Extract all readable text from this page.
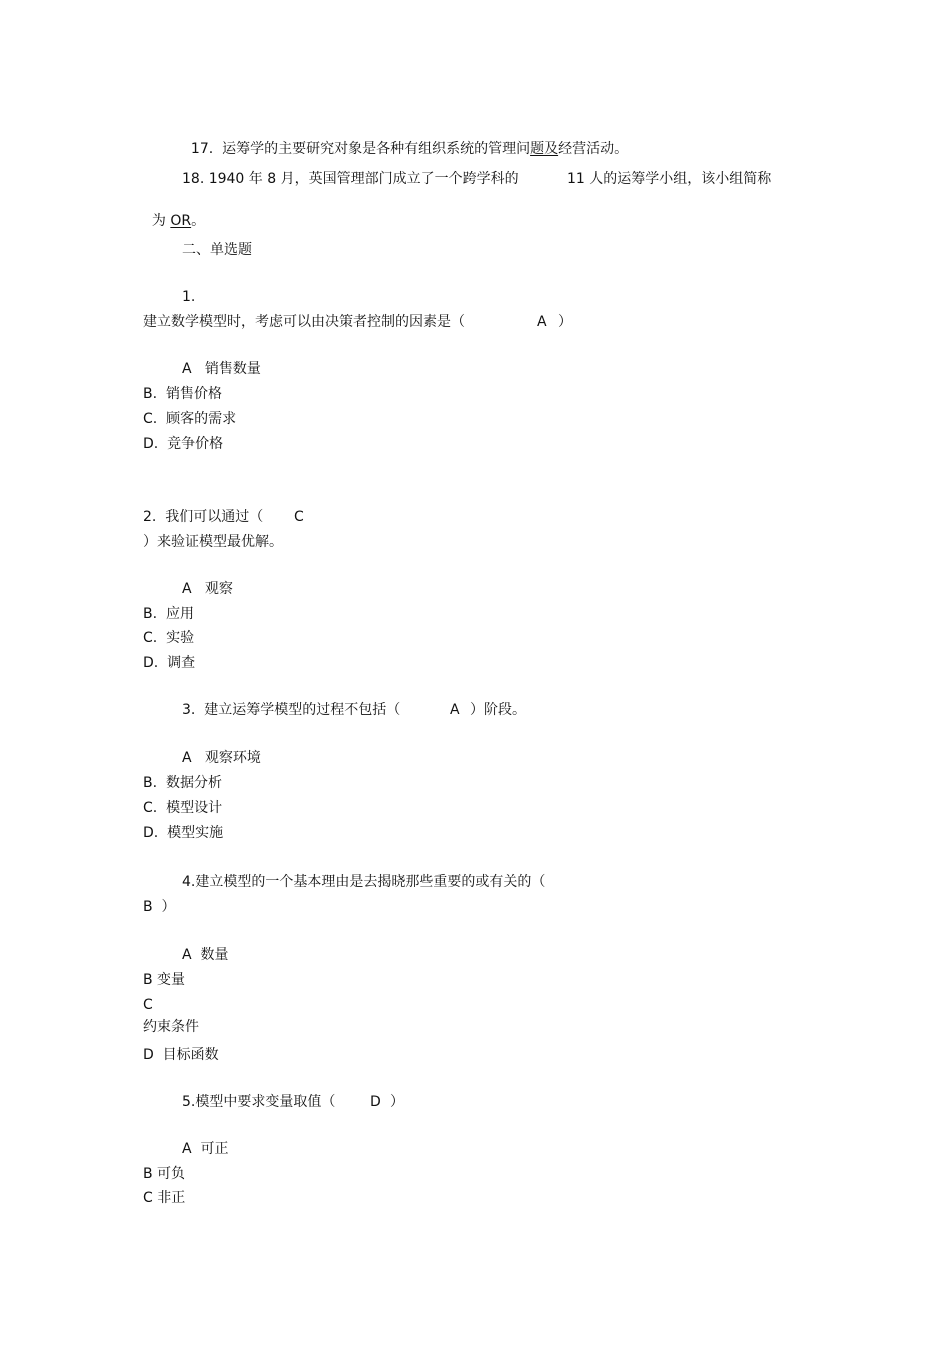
17.  运筹学的主要研究对象是各种有组织系统的管理问题及经营活动。

18. 1940 年 8 月，英国管理部门成立了一个跨学科的	11 人的运筹学小组，该小组简称

为 OR。

二、单选题
1.
建立数学模型时，考虑可以由决策者控制的因素是（	A ）
A   销售数量
B.  销售价格
C.  顾客的需求
D.  竞争价格
2.  我们可以通过（ C
）来验证模型最优解。
A   观察
B.  应用
C.  实验
D.  调查
3.  建立运筹学模型的过程不包括（	A ）阶段。
A   观察环境
B.  数据分析
C.  模型设计
D.  模型实施
4.建立模型的一个基本理由是去揭晓那些重要的或有关的（
B  ）
A  数量
B 变量
C
约束条件
D  目标函数
5.模型中要求变量取值（ D ）
A  可正
B 可负
C 非正
